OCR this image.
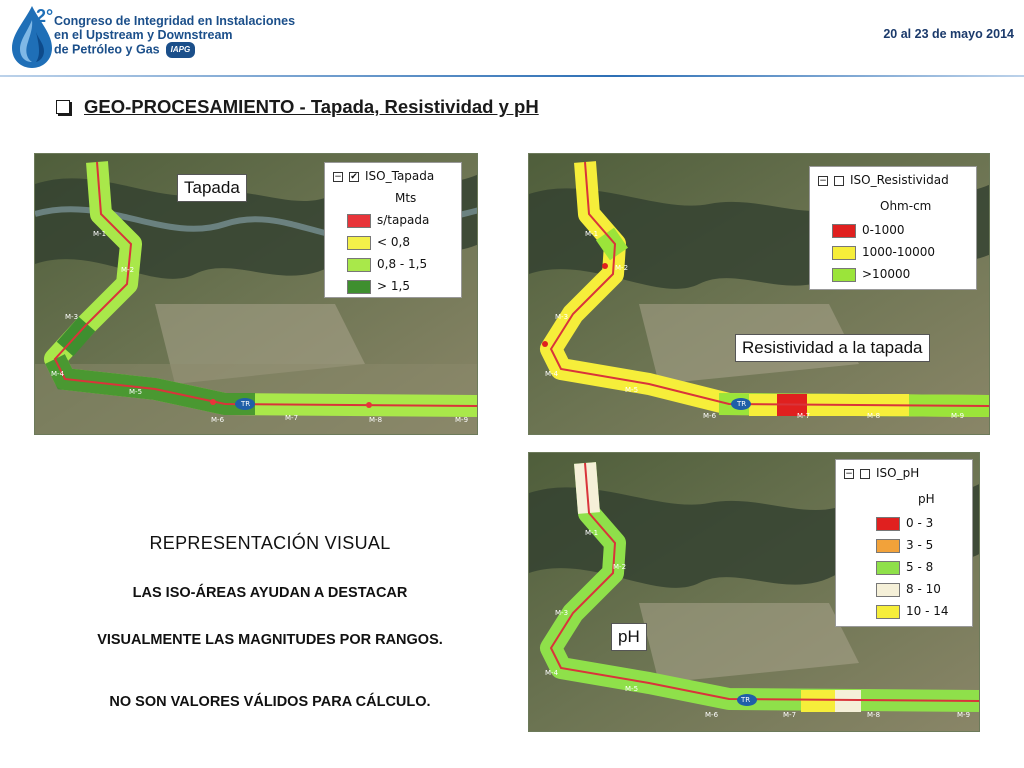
2° Congreso de Integridad en Instalaciones
en el Upstream y Downstream
de Petróleo y Gas IAPG
20 al 23 de mayo 2014
GEO-PROCESAMIENTO - Tapada, Resistividad y pH
M-1
M-2
M-3
M-4
M-5
M-6	M-7	M-8	M-9
TR
Tapada
− ✔ ISO_Tapada
Mts
s/tapada
< 0,8
0,8 - 1,5
> 1,5
M-1
M-2
M-3
M-4
M-5
M-6	M-7	M-8	M-9
TR
Resistividad a la tapada
− ISO_Resistividad
Ohm-cm
0-1000
1000-10000
>10000
M-1
M-2
M-3
M-4
M-5
M-6	M-7	M-8	M-9
TR
pH
− ISO_pH
pH
0 - 3
3 - 5
5 - 8
8 - 10
10 - 14
REPRESENTACIÓN VISUAL
LAS ISO-ÁREAS AYUDAN A DESTACAR
VISUALMENTE LAS MAGNITUDES POR RANGOS.
NO SON VALORES VÁLIDOS PARA CÁLCULO.
